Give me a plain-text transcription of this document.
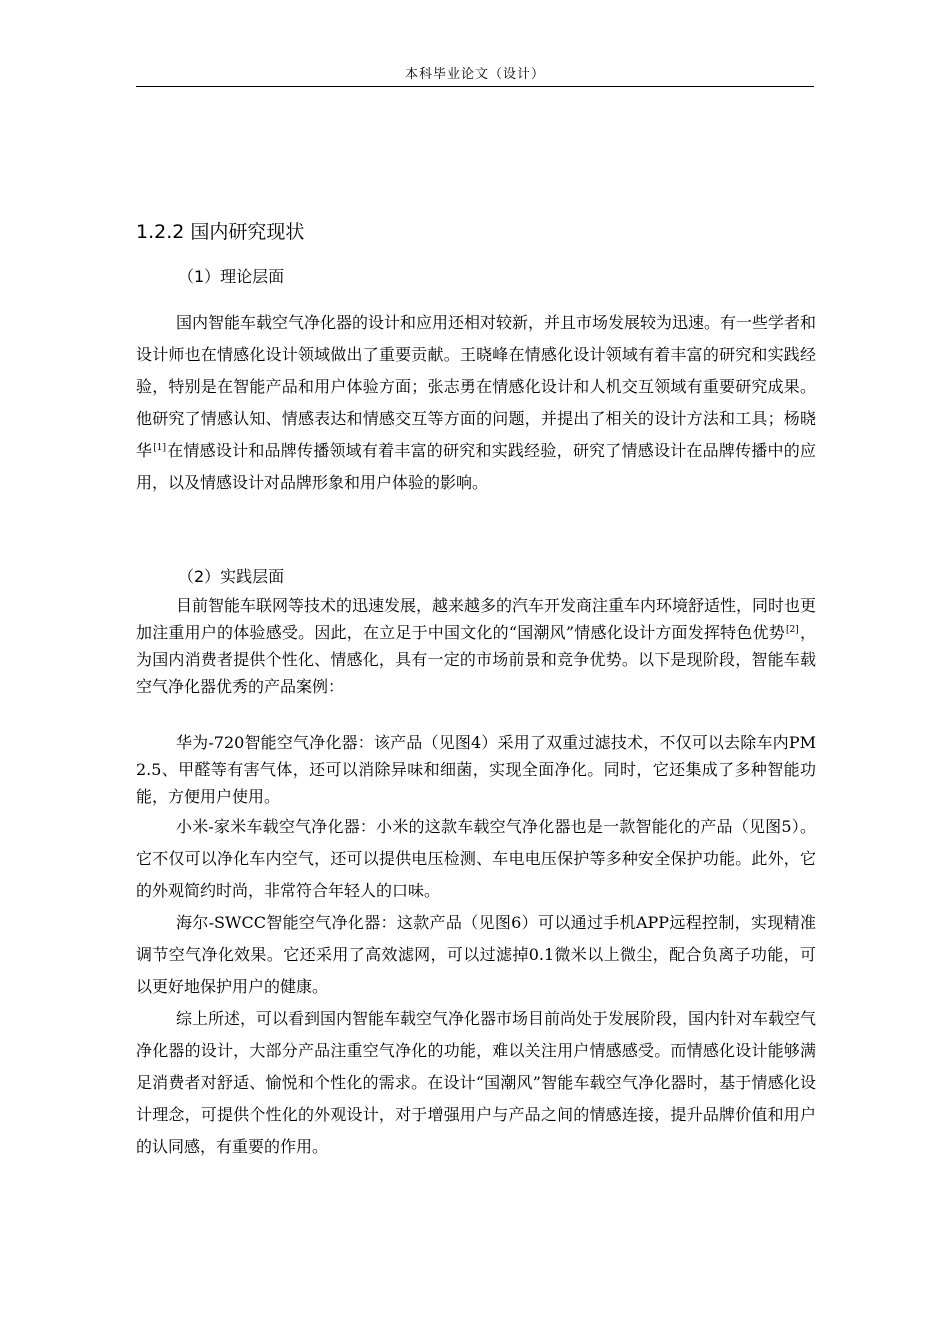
本科毕业论文（设计）
1.2.2 国内研究现状
（1）理论层面

国内智能车载空气净化器的设计和应用还相对较新，并且市场发展较为迅速。有一些学者和设计师也在情感化设计领域做出了重要贡献。王晓峰在情感化设计领域有着丰富的研究和实践经验，特别是在智能产品和用户体验方面；张志勇在情感化设计和人机交互领域有重要研究成果。他研究了情感认知、情感表达和情感交互等方面的问题，并提出了相关的设计方法和工具；杨晓华[1]在情感设计和品牌传播领域有着丰富的研究和实践经验，研究了情感设计在品牌传播中的应用，以及情感设计对品牌形象和用户体验的影响。

（2）实践层面

目前智能车联网等技术的迅速发展，越来越多的汽车开发商注重车内环境舒适性，同时也更加注重用户的体验感受。因此，在立足于中国文化的“国潮风”情感化设计方面发挥特色优势[2]，为国内消费者提供个性化、情感化，具有一定的市场前景和竞争优势。以下是现阶段，智能车载空气净化器优秀的产品案例：

华为-720智能空气净化器：该产品（见图4）采用了双重过滤技术，不仅可以去除车内PM2.5、甲醛等有害气体，还可以消除异味和细菌，实现全面净化。同时，它还集成了多种智能功能，方便用户使用。

小米-家米车载空气净化器：小米的这款车载空气净化器也是一款智能化的产品（见图5）。它不仅可以净化车内空气，还可以提供电压检测、车电电压保护等多种安全保护功能。此外，它的外观简约时尚，非常符合年轻人的口味。

海尔-SWCC智能空气净化器：这款产品（见图6）可以通过手机APP远程控制，实现精准调节空气净化效果。它还采用了高效滤网，可以过滤掉0.1微米以上微尘，配合负离子功能，可以更好地保护用户的健康。

综上所述，可以看到国内智能车载空气净化器市场目前尚处于发展阶段，国内针对车载空气净化器的设计，大部分产品注重空气净化的功能，难以关注用户情感感受。而情感化设计能够满足消费者对舒适、愉悦和个性化的需求。在设计“国潮风”智能车载空气净化器时，基于情感化设计理念，可提供个性化的外观设计，对于增强用户与产品之间的情感连接，提升品牌价值和用户的认同感，有重要的作用。
